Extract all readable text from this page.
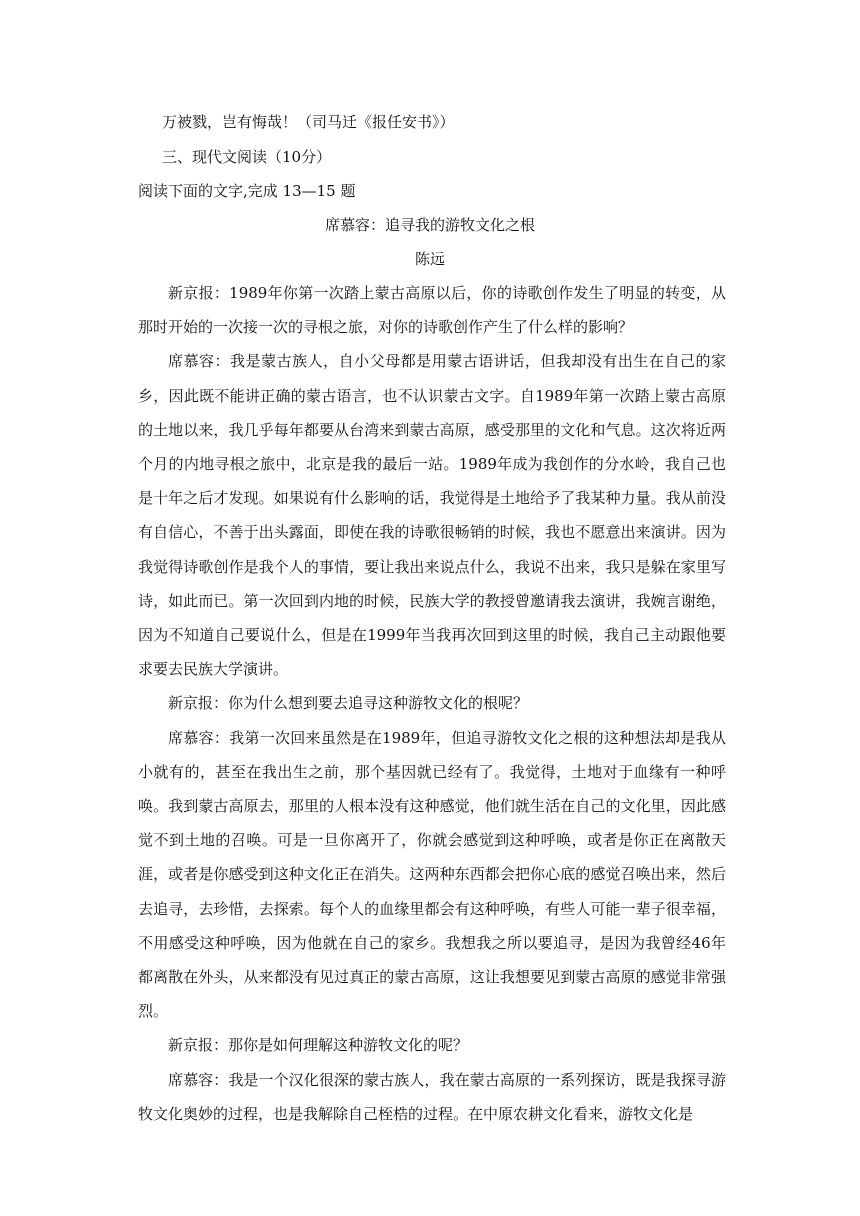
万被戮，岂有悔哉！（司马迁《报任安书》）
三、现代文阅读（10分）
阅读下面的文字,完成 13—15 题
席慕容：追寻我的游牧文化之根
陈远

新京报：1989年你第一次踏上蒙古高原以后，你的诗歌创作发生了明显的转变，从那时开始的一次接一次的寻根之旅，对你的诗歌创作产生了什么样的影响？

席慕容：我是蒙古族人，自小父母都是用蒙古语讲话，但我却没有出生在自己的家乡，因此既不能讲正确的蒙古语言，也不认识蒙古文字。自1989年第一次踏上蒙古高原的土地以来，我几乎每年都要从台湾来到蒙古高原，感受那里的文化和气息。这次将近两个月的内地寻根之旅中，北京是我的最后一站。1989年成为我创作的分水岭，我自己也是十年之后才发现。如果说有什么影响的话，我觉得是土地给予了我某种力量。我从前没有自信心，不善于出头露面，即使在我的诗歌很畅销的时候，我也不愿意出来演讲。因为我觉得诗歌创作是我个人的事情，要让我出来说点什么，我说不出来，我只是躲在家里写诗，如此而已。第一次回到内地的时候，民族大学的教授曾邀请我去演讲，我婉言谢绝，因为不知道自己要说什么，但是在1999年当我再次回到这里的时候，我自己主动跟他要求要去民族大学演讲。

新京报：你为什么想到要去追寻这种游牧文化的根呢？

席慕容：我第一次回来虽然是在1989年，但追寻游牧文化之根的这种想法却是我从小就有的，甚至在我出生之前，那个基因就已经有了。我觉得，土地对于血缘有一种呼唤。我到蒙古高原去，那里的人根本没有这种感觉，他们就生活在自己的文化里，因此感觉不到土地的召唤。可是一旦你离开了，你就会感觉到这种呼唤，或者是你正在离散天涯，或者是你感受到这种文化正在消失。这两种东西都会把你心底的感觉召唤出来，然后去追寻，去珍惜，去探索。每个人的血缘里都会有这种呼唤，有些人可能一辈子很幸福，不用感受这种呼唤，因为他就在自己的家乡。我想我之所以要追寻，是因为我曾经46年都离散在外头，从来都没有见过真正的蒙古高原，这让我想要见到蒙古高原的感觉非常强烈。

新京报：那你是如何理解这种游牧文化的呢？

席慕容：我是一个汉化很深的蒙古族人，我在蒙古高原的一系列探访，既是我探寻游牧文化奥妙的过程，也是我解除自己桎梏的过程。在中原农耕文化看来，游牧文化是
